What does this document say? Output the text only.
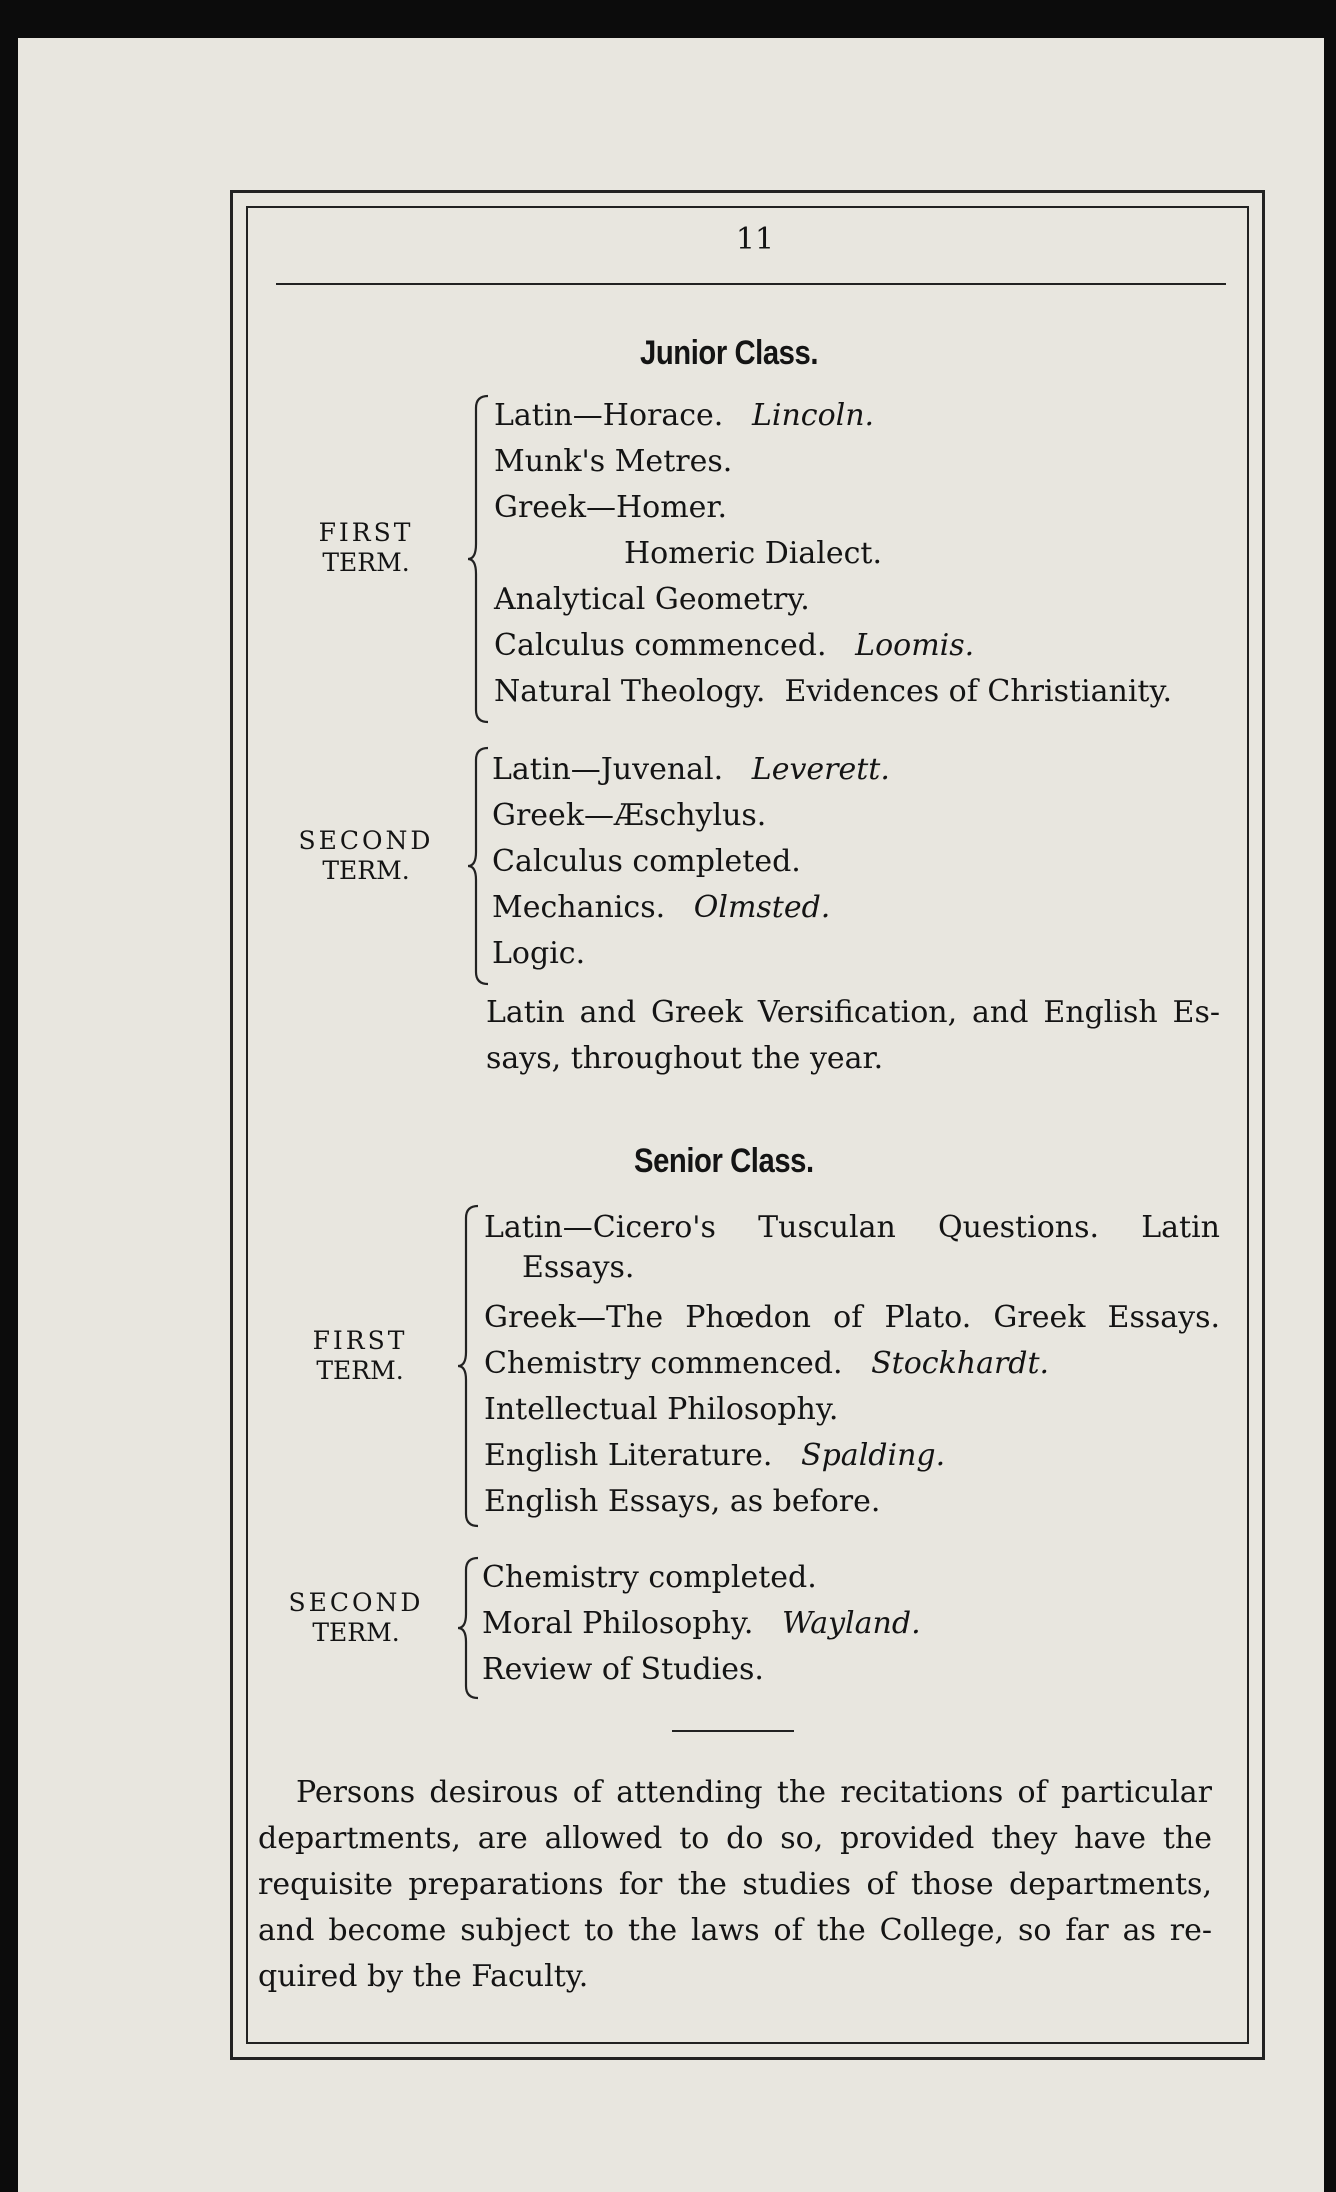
11
Junior Class.
FIRST
TERM.
Latin—Horace. Lincoln.
Munk's Metres.
Greek—Homer.
Homeric Dialect.
Analytical Geometry.
Calculus commenced. Loomis.
Natural Theology.  Evidences of Christianity.
SECOND
TERM.
Latin—Juvenal. Leverett.
Greek—Æschylus.
Calculus completed.
Mechanics. Olmsted.
Logic.
Latin and Greek Versification, and English Es-
says, throughout the year.
Senior Class.
FIRST
TERM.
Latin—Cicero's Tusculan Questions. Latin
Essays.
Greek—The Phœdon of Plato. Greek Essays.
Chemistry commenced. Stockhardt.
Intellectual Philosophy.
English Literature. Spalding.
English Essays, as before.
SECOND
TERM.
Chemistry completed.
Moral Philosophy. Wayland.
Review of Studies.
Persons desirous of attending the recitations of particular
departments, are allowed to do so, provided they have the
requisite preparations for the studies of those departments,
and become subject to the laws of the College, so far as re-
quired by the Faculty.
